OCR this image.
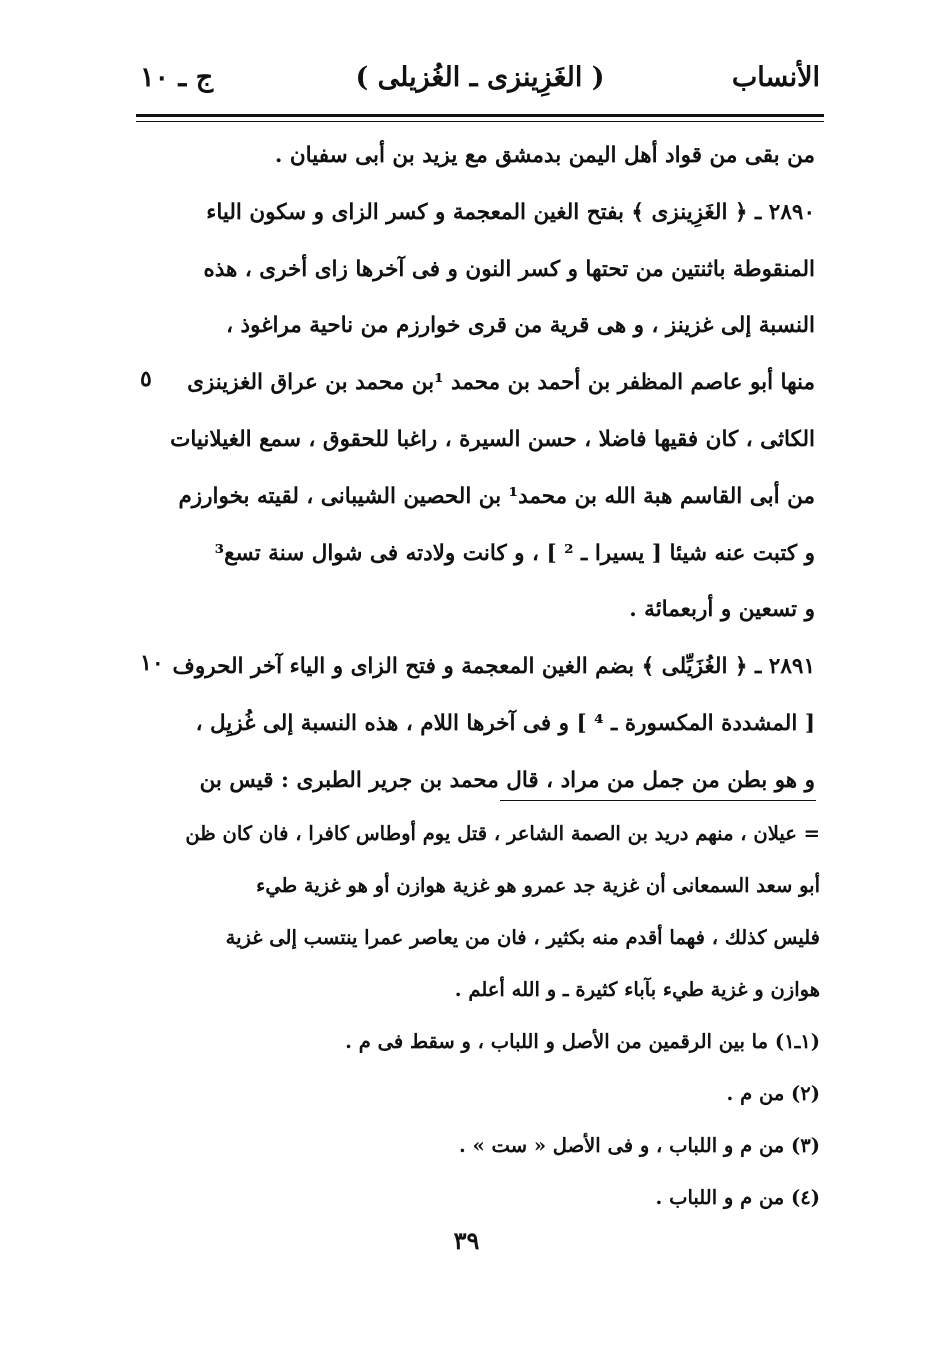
الأنساب
( الغَزِينزى ـ الغُزيلى )
ج ـ ١٠
من بقى من قواد أهل اليمن بدمشق مع يزيد بن أبى سفيان .
٢٨٩٠ ـ ﴿ الغَزِينزى ﴾ بفتح الغين المعجمة و كسر الزاى و سكون الياء
المنقوطة باثنتين من تحتها و كسر النون و فى آخرها زاى أخرى ، هذه
النسبة إلى غزينز ، و هى قرية من قرى خوارزم من ناحية مراغوذ ،
منها أبو عاصم المظفر بن أحمد بن محمد ¹بن محمد بن عراق الغزينزى
الكاثى ، كان فقيها فاضلا ، حسن السيرة ، راغبا للحقوق ، سمع الغيلانيات
من أبى القاسم هبة الله بن محمد¹ بن الحصين الشيبانى ، لقيته بخوارزم
و كتبت عنه شيئا [ يسيرا ـ ² ] ، و كانت ولادته فى شوال سنة تسع³
و تسعين و أربعمائة .
٢٨٩١ ـ ﴿ الغُزَيِّلى ﴾ بضم الغين المعجمة و فتح الزاى و الياء آخر الحروف
[ المشددة المكسورة ـ ⁴ ] و فى آخرها اللام ، هذه النسبة إلى غُزيِل ،
و هو بطن من جمل من مراد ، قال محمد بن جرير الطبرى : قيس بن
٥
١٠
= عيلان ، منهم دريد بن الصمة الشاعر ، قتل يوم أوطاس كافرا ، فان كان ظن
أبو سعد السمعانى أن غزية جد عمرو هو غزية هوازن أو هو غزية طيء
فليس كذلك ، فهما أقدم منه بكثير ، فان من يعاصر عمرا ينتسب إلى غزية
هوازن و غزية طيء بآباء كثيرة ـ و الله أعلم .
(١ـ١) ما بين الرقمين من الأصل و اللباب ، و سقط فى م .
(٢) من م .
(٣) من م و اللباب ، و فى الأصل « ست » .
(٤) من م و اللباب .
٣٩
